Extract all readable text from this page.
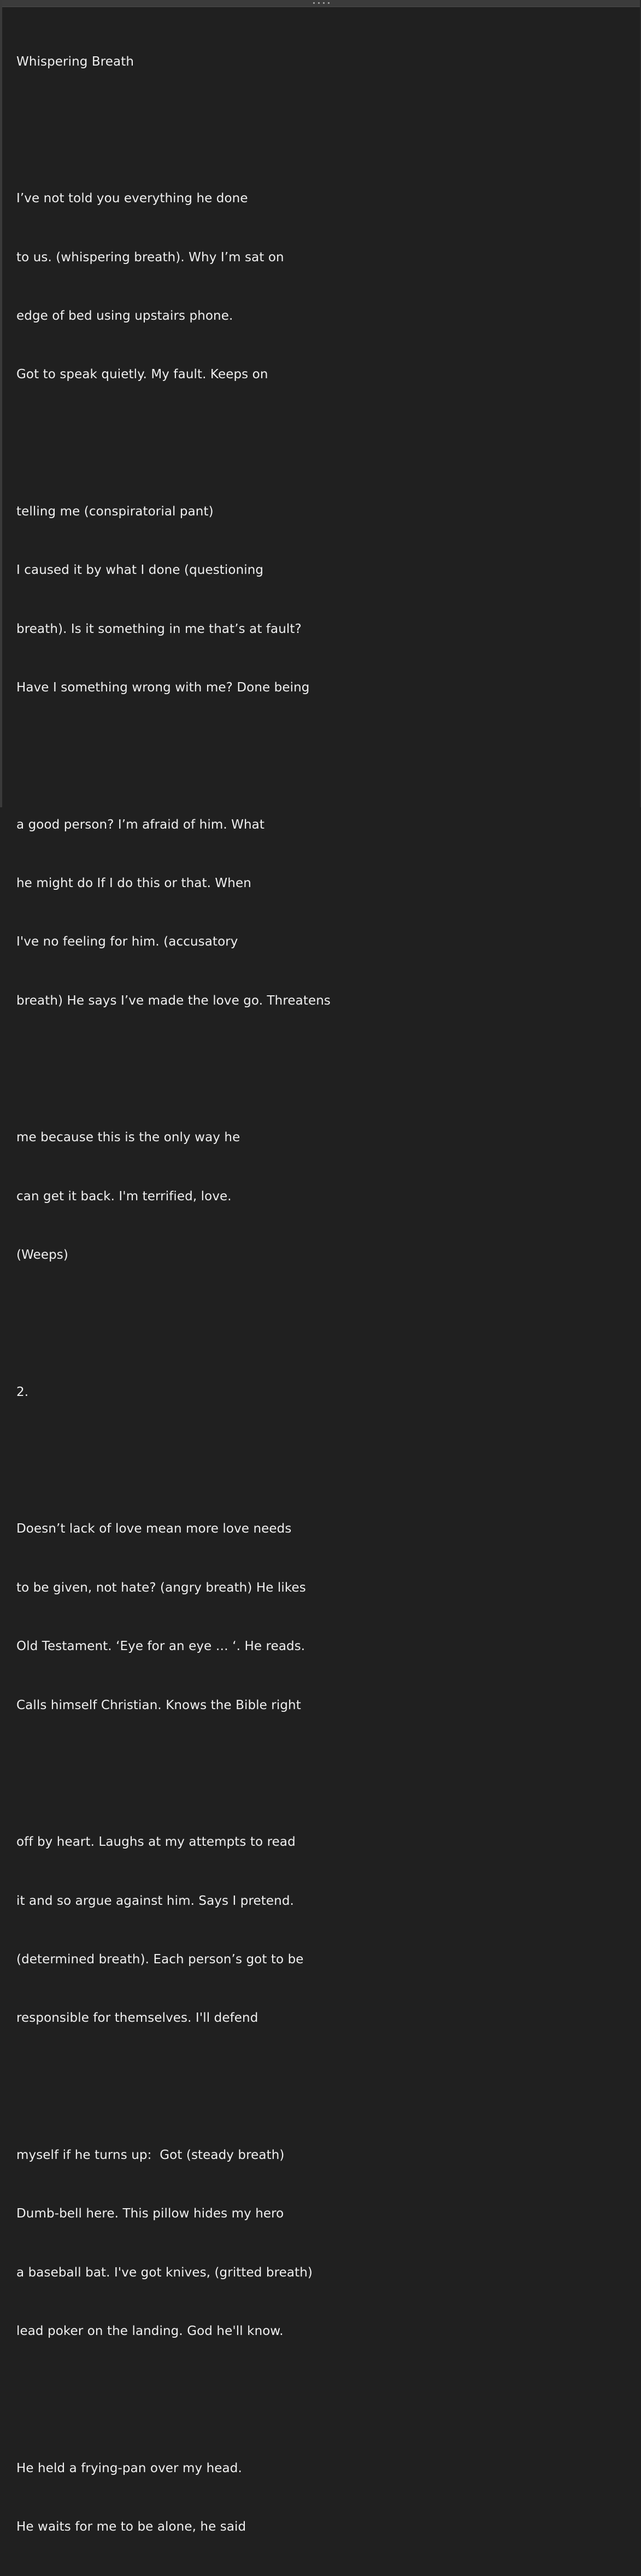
Whispering Breath

I’ve not told you everything he done

to us. (whispering breath). Why I’m sat on

edge of bed using upstairs phone.

Got to speak quietly. My fault. Keeps on

telling me (conspiratorial pant)

I caused it by what I done (questioning

breath). Is it something in me that’s at fault?

Have I something wrong with me? Done being

a good person? I’m afraid of him. What

he might do If I do this or that. When

I've no feeling for him. (accusatory

breath) He says I’ve made the love go. Threatens

me because this is the only way he

can get it back. I'm terrified, love.

(Weeps)

2.

Doesn’t lack of love mean more love needs

to be given, not hate? (angry breath) He likes

Old Testament. ‘Eye for an eye … ‘. He reads.

Calls himself Christian. Knows the Bible right

off by heart. Laughs at my attempts to read

it and so argue against him. Says I pretend.

(determined breath). Each person’s got to be

responsible for themselves. I'll defend

myself if he turns up:  Got (steady breath)

Dumb-bell here. This pillow hides my hero

a baseball bat. I've got knives, (gritted breath)

lead poker on the landing. God he'll know.

He held a frying-pan over my head.

He waits for me to be alone, he said
